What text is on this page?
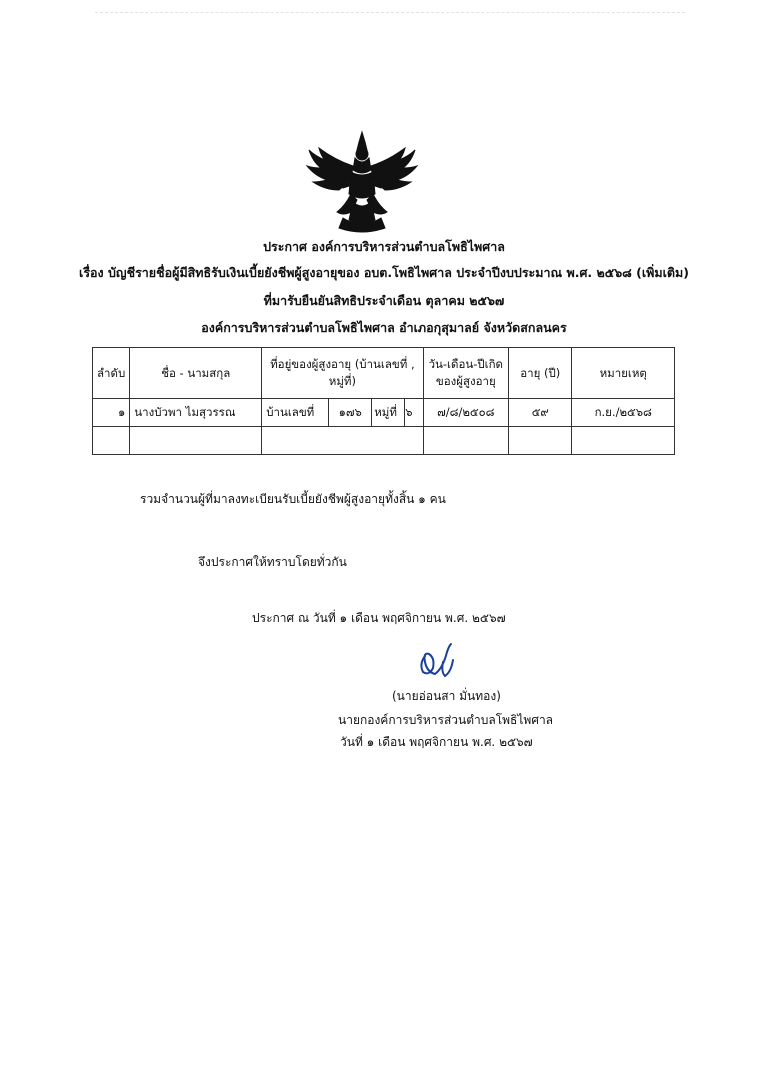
ประกาศ องค์การบริหารส่วนตำบลโพธิไพศาล
เรื่อง บัญชีรายชื่อผู้มีสิทธิรับเงินเบี้ยยังชีพผู้สูงอายุของ อบต.โพธิไพศาล ประจำปีงบประมาณ พ.ศ. ๒๕๖๘ (เพิ่มเติม)
ที่มารับยืนยันสิทธิประจำเดือน ตุลาคม ๒๕๖๗
องค์การบริหารส่วนตำบลโพธิไพศาล อำเภอกุสุมาลย์ จังหวัดสกลนคร
ลำดับ	ชื่อ - นามสกุล	ที่อยู่ของผู้สูงอายุ (บ้านเลขที่ , หมู่ที่)	วัน-เดือน-ปีเกิด ของผู้สูงอายุ	อายุ (ปี)	หมายเหตุ
๑	นางบัวพา ไมสุวรรณ	บ้านเลขที่ ๑๗๖ หมู่ที่ ๖	๗/๘/๒๕๐๘	๕๙	ก.ย./๒๕๖๘

รวมจำนวนผู้ที่มาลงทะเบียนรับเบี้ยยังชีพผู้สูงอายุทั้งสิ้น ๑ คน
จึงประกาศให้ทราบโดยทั่วกัน
ประกาศ ณ วันที่ ๑ เดือน พฤศจิกายน พ.ศ. ๒๕๖๗
(นายอ่อนสา มั่นทอง)
นายกองค์การบริหารส่วนตำบลโพธิไพศาล
วันที่ ๑ เดือน พฤศจิกายน พ.ศ. ๒๕๖๗
